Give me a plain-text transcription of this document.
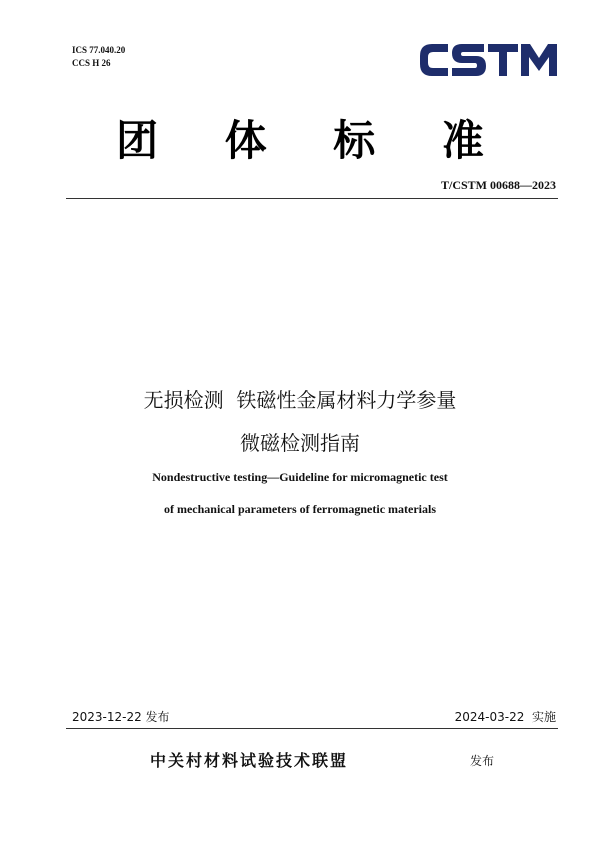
ICS 77.040.20
CCS H 26
CSTM
团 体 标 准
T/CSTM 00688—2023
无损检测  铁磁性金属材料力学参量
微磁检测指南
Nondestructive testing—Guideline for micromagnetic test
of mechanical parameters of ferromagnetic materials
2023-12-22 发布	2024-03-22  实施
中关村材料试验技术联盟	发布
